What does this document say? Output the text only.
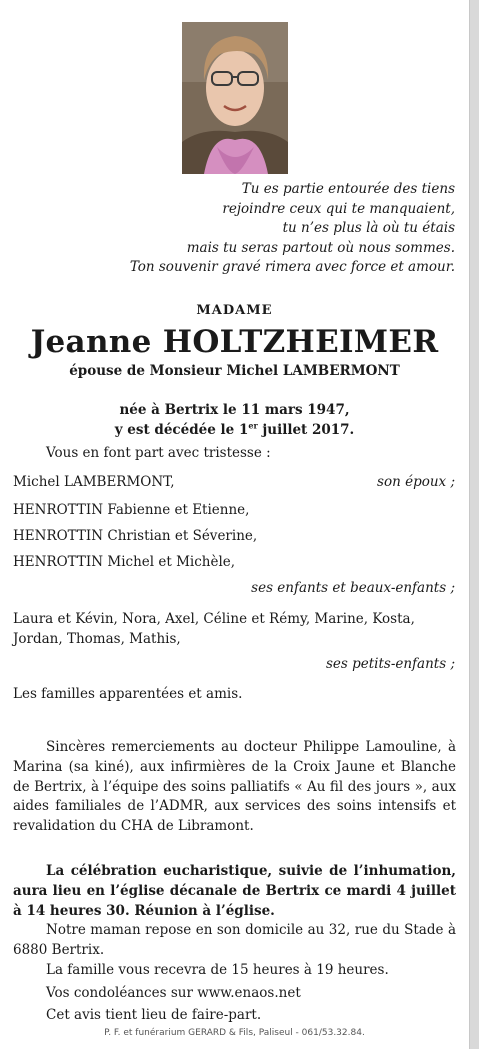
Tu es partie entourée des tiens
rejoindre ceux qui te manquaient,
tu n’es plus là où tu étais
mais tu seras partout où nous sommes.
Ton souvenir gravé rimera avec force et amour.
MADAME
Jeanne HOLTZHEIMER
épouse de Monsieur Michel LAMBERMONT
née à Bertrix le 11 mars 1947,
y est décédée le 1er juillet 2017.
Vous en font part avec tristesse :
Michel LAMBERMONT,	son époux ;
HENROTTIN Fabienne et Etienne,
HENROTTIN Christian et Séverine,
HENROTTIN Michel et Michèle,
ses enfants et beaux-enfants ;
Laura et Kévin, Nora, Axel, Céline et Rémy, Marine, Kosta, Jordan, Thomas, Mathis,
ses petits-enfants ;
Les familles apparentées et amis.
Sincères remerciements au docteur Philippe Lamouline, à Marina (sa kiné), aux infirmières de la Croix Jaune et Blanche de Bertrix, à l’équipe des soins palliatifs « Au fil des jours », aux aides familiales de l’ADMR, aux services des soins intensifs et revalidation du CHA de Libramont.
La célébration eucharistique, suivie de l’inhumation, aura lieu en l’église décanale de Bertrix ce mardi 4 juillet à 14 heures 30. Réunion à l’église.
Notre maman repose en son domicile au 32, rue du Stade à 6880 Bertrix.
La famille vous recevra de 15 heures à 19 heures.
Vos condoléances sur www.enaos.net
Cet avis tient lieu de faire-part.
P. F. et funérarium GERARD & Fils, Paliseul - 061/53.32.84.
